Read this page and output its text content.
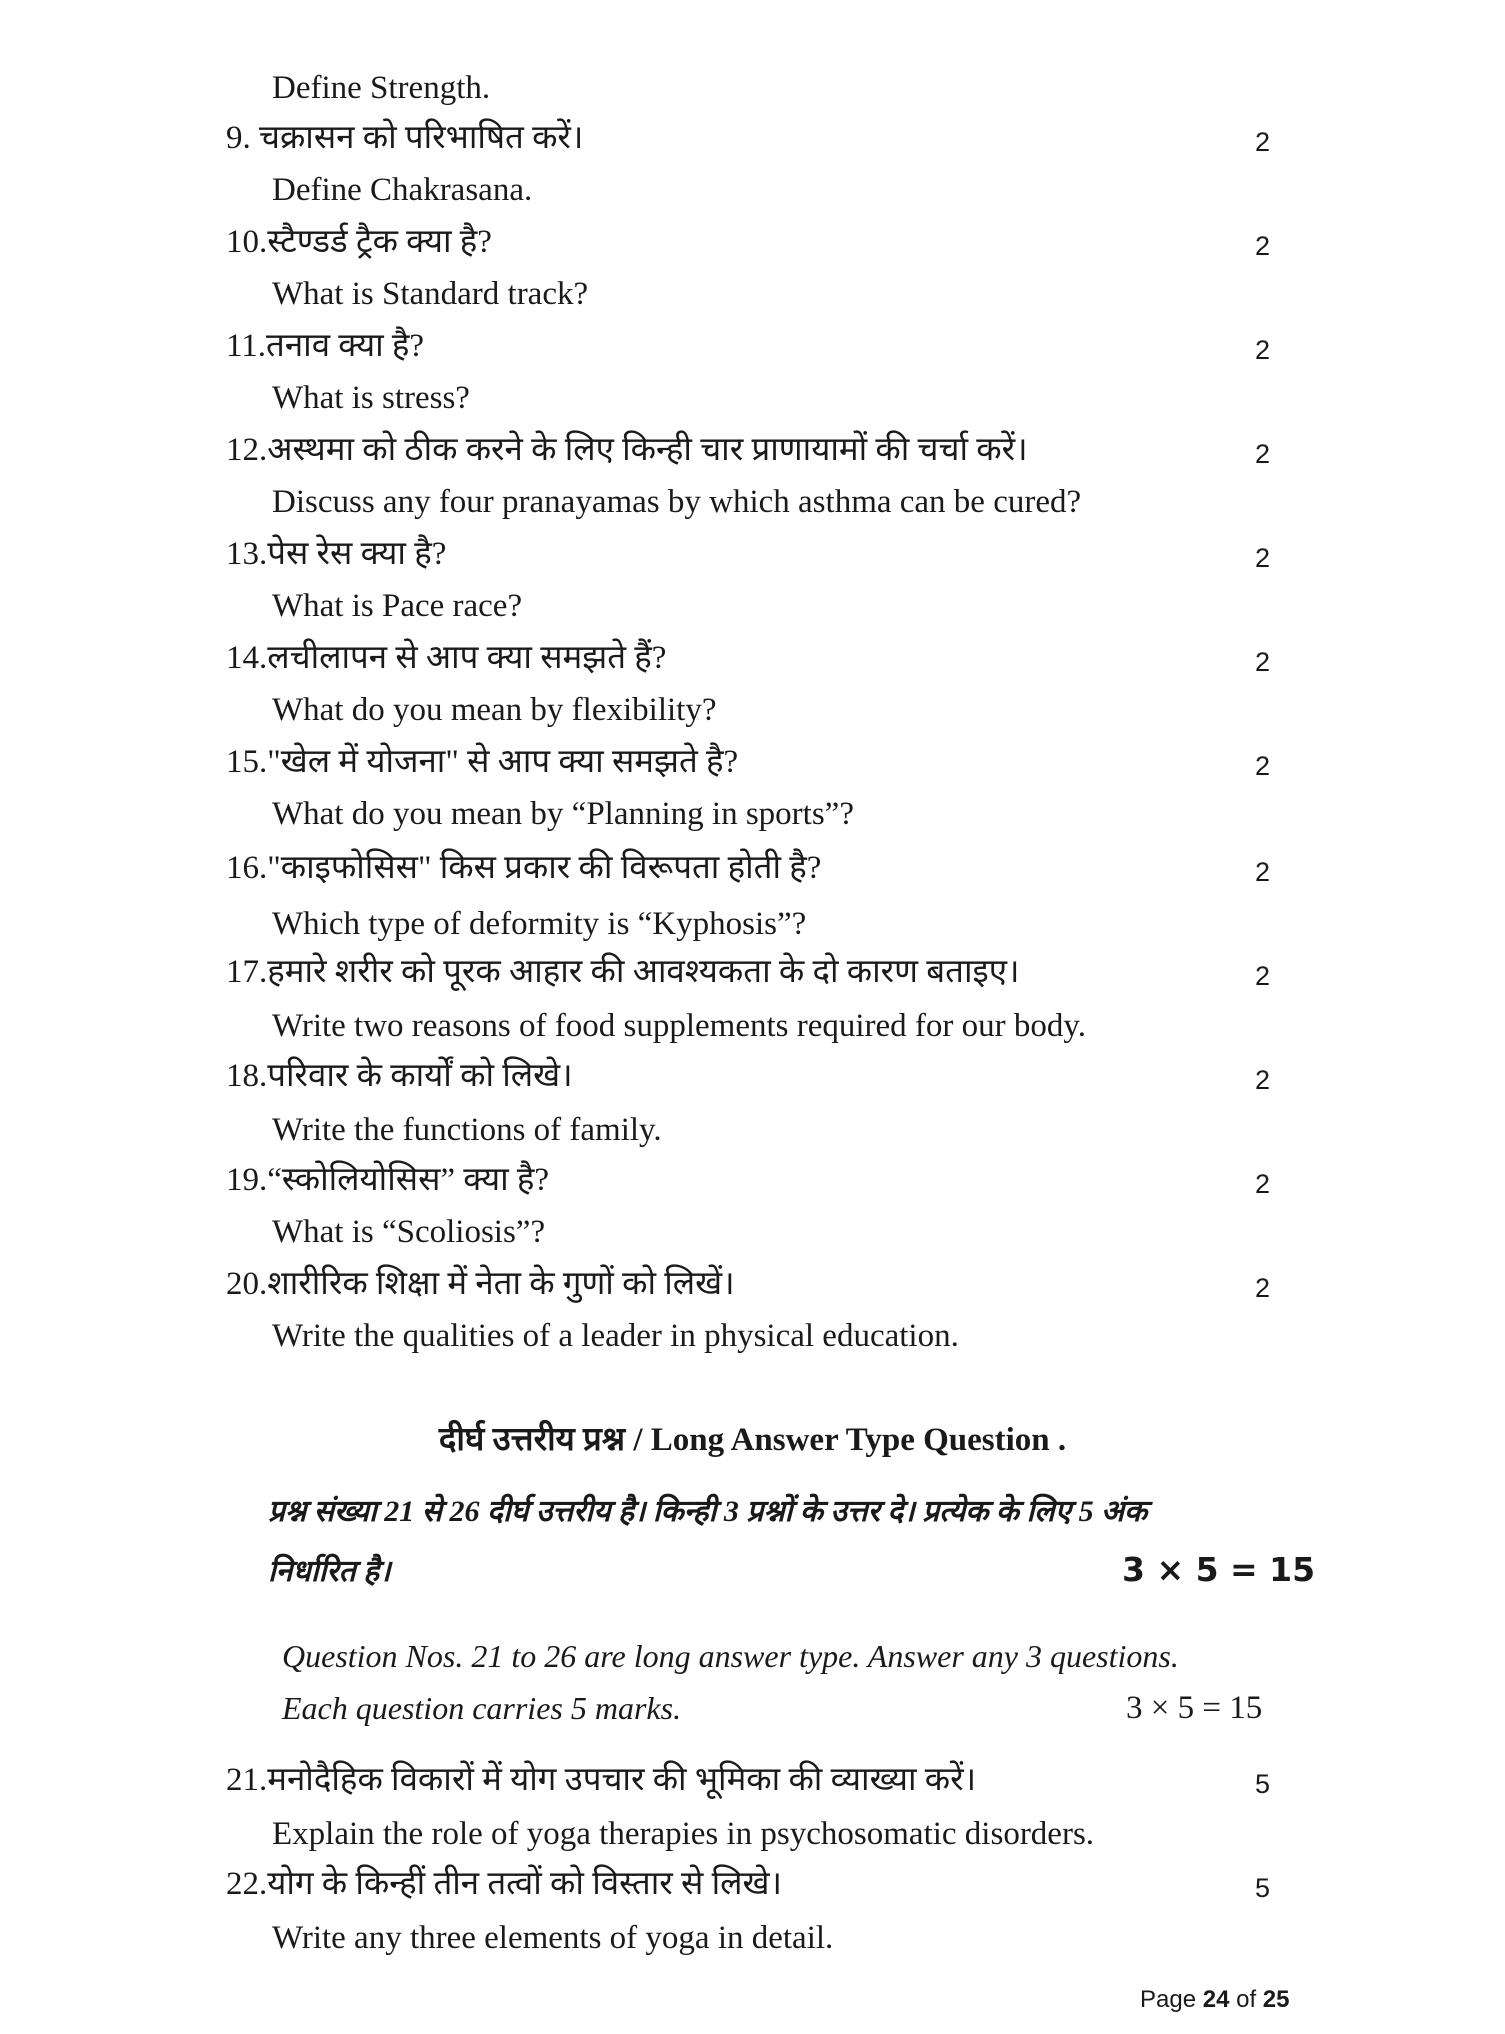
Define Strength.
9. चक्रासन को परिभाषित करें।	2
Define Chakrasana.
10.स्टैण्डर्ड ट्रैक क्या है?	2
What is Standard track?
11.तनाव क्या है?	2
What is stress?
12.अस्थमा को ठीक करने के लिए किन्ही चार प्राणायामों की चर्चा करें।	2
Discuss any four pranayamas by which asthma can be cured?
13.पेस रेस क्या है?	2
What is Pace race?
14.लचीलापन से आप क्या समझते हैं?	2
What do you mean by flexibility?
15."खेल में योजना" से आप क्या समझते है?	2
What do you mean by “Planning in sports”?
16."काइफोसिस" किस प्रकार की विरूपता होती है?	2
Which type of deformity is “Kyphosis”?
17.हमारे शरीर को पूरक आहार की आवश्यकता के दो कारण बताइए।	2
Write two reasons of food supplements required for our body.
18.परिवार के कार्यों को लिखे।	2
Write the functions of family.
19.“स्कोलियोसिस” क्या है?	2
What is “Scoliosis”?
20.शारीरिक शिक्षा में नेता के गुणों को लिखें।	2
Write the qualities of a leader in physical education.
दीर्घ उत्तरीय प्रश्न / Long Answer Type Question .
प्रश्न संख्या 21 से 26 दीर्घ उत्तरीय है। किन्ही 3 प्रश्नों के उत्तर दे। प्रत्येक के लिए 5 अंक
निर्धारित है।	3 × 5 = 15
Question Nos. 21 to 26 are long answer type. Answer any 3 questions.
Each question carries 5 marks.	3 × 5 = 15
21.मनोदैहिक विकारों में योग उपचार की भूमिका की व्याख्या करें।	5
Explain the role of yoga therapies in psychosomatic disorders.
22.योग के किन्हीं तीन तत्वों को विस्तार से लिखे।	5
Write any three elements of yoga in detail.
Page 24 of 25
